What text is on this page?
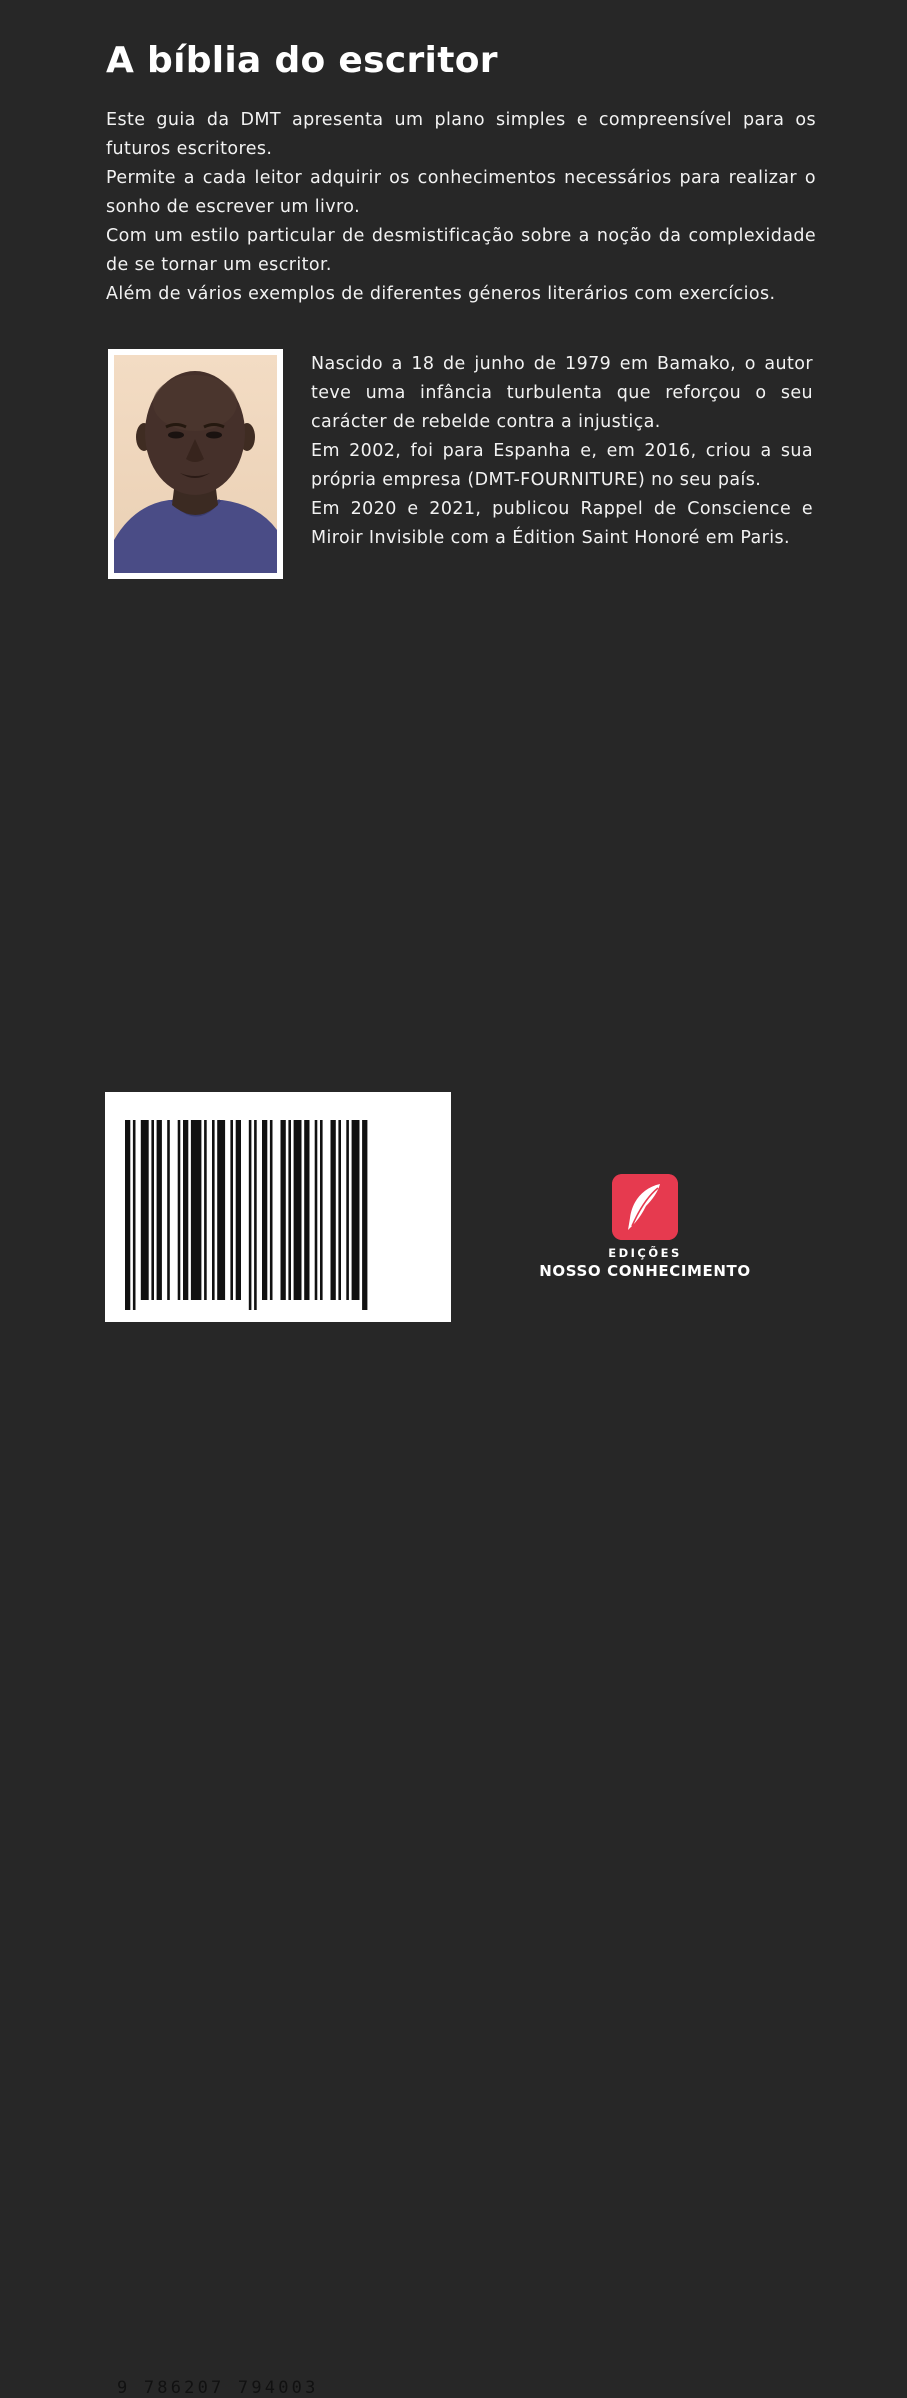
A bíblia do escritor

Este guia da DMT apresenta um plano simples e compreensível para os futuros escritores.

Permite a cada leitor adquirir os conhecimentos necessários para realizar o sonho de escrever um livro.

Com um estilo particular de desmistificação sobre a noção da complexidade de se tornar um escritor.

Além de vários exemplos de diferentes géneros literários com exercícios.

Nascido a 18 de junho de 1979 em Bamako, o autor teve uma infância turbulenta que reforçou o seu carácter de rebelde contra a injustiça.

Em 2002, foi para Espanha e, em 2016, criou a sua própria empresa (DMT-FOURNITURE) no seu país.

Em 2020 e 2021, publicou Rappel de Conscience e Miroir Invisible com a Édition Saint Honoré em Paris.

9 786207 794003
EDIÇÕES
NOSSO CONHECIMENTO
